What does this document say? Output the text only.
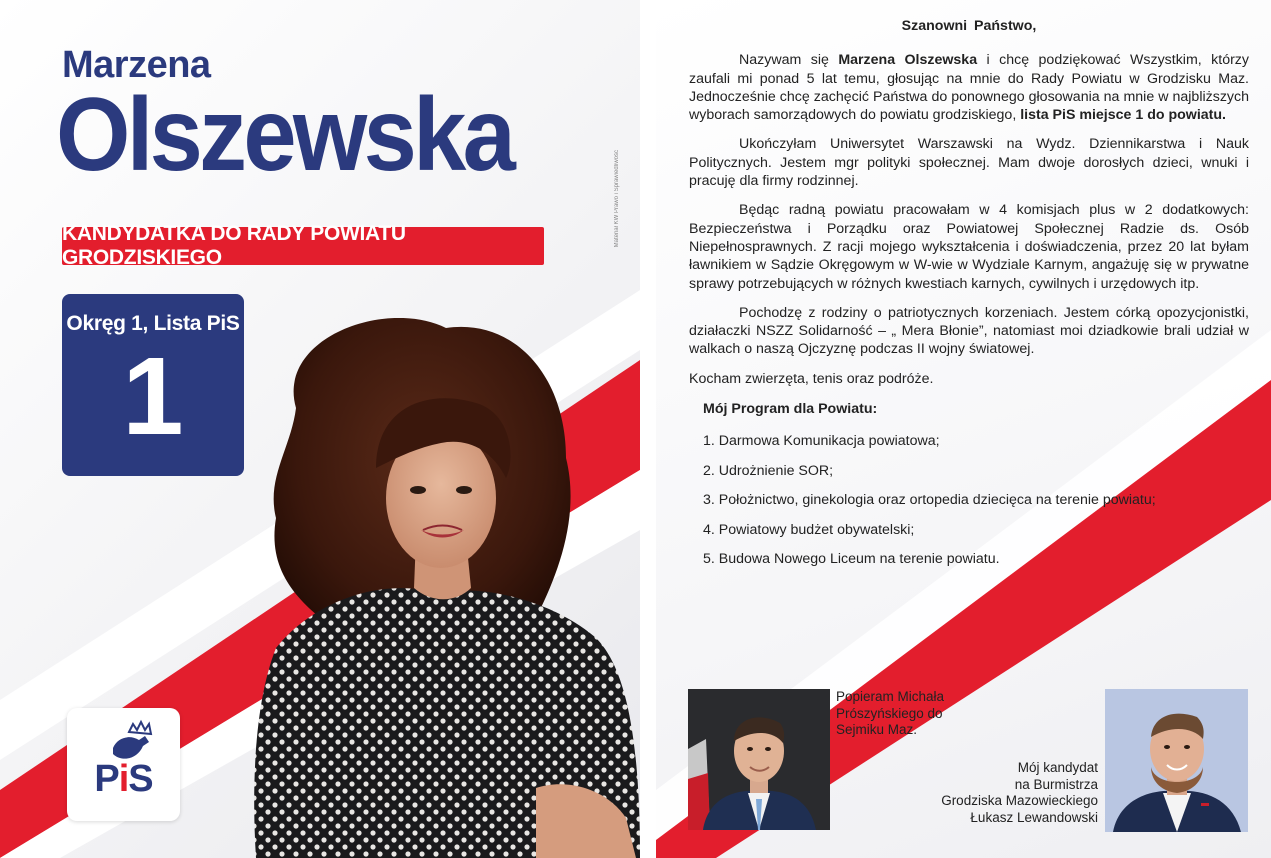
Marzena
Olszewska
KANDYDATKA DO RADY POWIATU GRODZISKIEGO
Materiał KW Prawo i Sprawiedliwość
Okręg 1, Lista PiS
1
PiS

Szanowni Państwo,

Nazywam się Marzena Olszewska i chcę podziękować Wszystkim, którzy zaufali mi ponad 5 lat temu, głosując na mnie do Rady Powiatu w Grodzisku Maz. Jednocześnie chcę zachęcić Państwa do ponownego głosowania na mnie w najbliższych wyborach samorządowych do powiatu grodziskiego, lista PiS miejsce 1 do powiatu.

Ukończyłam Uniwersytet Warszawski na Wydz. Dziennikarstwa i Nauk Politycznych. Jestem mgr polityki społecznej. Mam dwoje dorosłych dzieci, wnuki i pracuję dla firmy rodzinnej.

Będąc radną powiatu pracowałam w 4 komisjach plus w 2 dodatkowych: Bezpieczeństwa i Porządku oraz Powiatowej Społecznej Radzie ds. Osób Niepełnosprawnych. Z racji mojego wykształcenia i doświadczenia, przez 20 lat byłam ławnikiem w Sądzie Okręgowym w W-wie w Wydziale Karnym, angażuję się w prywatne sprawy potrzebujących w różnych kwestiach karnych, cywilnych i urzędowych itp.

Pochodzę z rodziny o patriotycznych korzeniach. Jestem córką opozycjonistki, działaczki NSZZ Solidarność – „ Mera Błonie”, natomiast moi dziadkowie brali udział w walkach o naszą Ojczyznę podczas II wojny światowej.

Kocham zwierzęta, tenis oraz podróże.

Mój Program dla Powiatu:

1. Darmowa Komunikacja powiatowa;
2. Udrożnienie SOR;
3. Położnictwo, ginekologia oraz ortopedia dziecięca na terenie powiatu;
4. Powiatowy budżet obywatelski;
5. Budowa Nowego Liceum na terenie powiatu.
Popieram Michała
Prószyńskiego do
Sejmiku Maz.
Mój kandydat
na Burmistrza
Grodziska Mazowieckiego
Łukasz Lewandowski
